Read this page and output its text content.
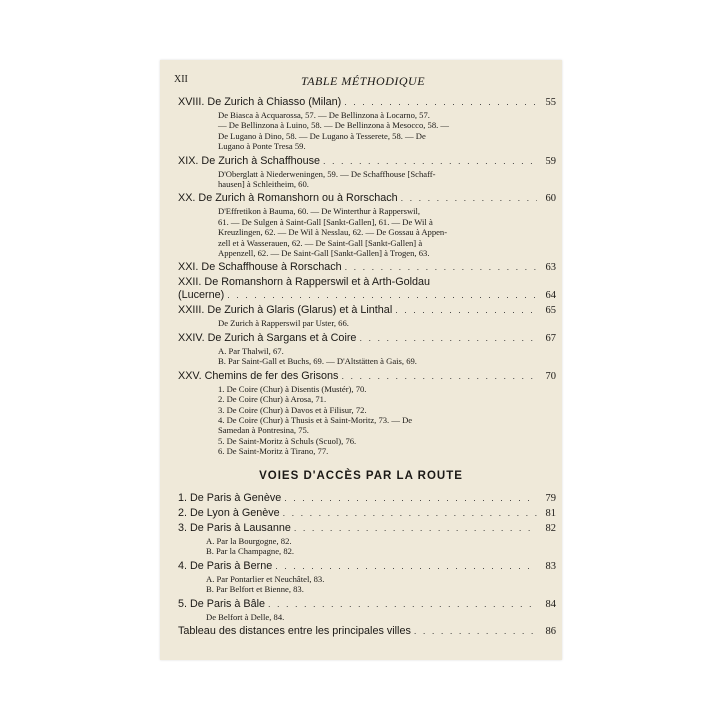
XII	TABLE MÉTHODIQUE
XVIII. De Zurich à Chiasso (Milan) . . .	55
De Biasca à Acquarossa, 57. — De Bellinzona à Locarno, 57.
— De Bellinzona à Luino, 58. — De Bellinzona à Mesocco, 58. —
De Lugano à Dino, 58. — De Lugano à Tesserete, 58. — De
Lugano à Ponte Tresa 59.
XIX. De Zurich à Schaffhouse . . .	59
D'Oberglatt à Niederweningen, 59. — De Schaffhouse [Schaff-
hausen] à Schleitheim, 60.
XX. De Zurich à Romanshorn ou à Rorschach . . .	60
D'Effretikon à Bauma, 60. — De Winterthur à Rapperswil,
61. — De Sulgen à Saint-Gall [Sankt-Gallen], 61. — De Wil à
Kreuzlingen, 62. — De Wil à Nesslau, 62. — De Gossau à Appen-
zell et à Wasserauen, 62. — De Saint-Gall [Sankt-Gallen] à
Appenzell, 62. — De Saint-Gall [Sankt-Gallen] à Trogen, 63.
XXI. De Schaffhouse à Rorschach . . .	63
XXII. De Romanshorn à Rapperswil et à Arth-Goldau
(Lucerne) . . .	64
XXIII. De Zurich à Glaris (Glarus) et à Linthal . . .	65
De Zurich à Rapperswil par Uster, 66.
XXIV. De Zurich à Sargans et à Coire . . .	67
A. Par Thalwil, 67.
B. Par Saint-Gall et Buchs, 69. — D'Altstätten à Gais, 69.
XXV. Chemins de fer des Grisons . . .	70
1. De Coire (Chur) à Disentis (Mustér), 70.
2. De Coire (Chur) à Arosa, 71.
3. De Coire (Chur) à Davos et à Filisur, 72.
4. De Coire (Chur) à Thusis et à Saint-Moritz, 73. — De
Samedan à Pontresina, 75.
5. De Saint-Moritz à Schuls (Scuol), 76.
6. De Saint-Moritz à Tirano, 77.
VOIES D'ACCÈS PAR LA ROUTE
1. De Paris à Genève . . .	79
2. De Lyon à Genève . . .	81
3. De Paris à Lausanne . . .	82
A. Par la Bourgogne, 82.
B. Par la Champagne, 82.
4. De Paris à Berne . . .	83
A. Par Pontarlier et Neuchâtel, 83.
B. Par Belfort et Bienne, 83.
5. De Paris à Bâle . . .	84
De Belfort à Delle, 84.
Tableau des distances entre les principales villes . . .	86
